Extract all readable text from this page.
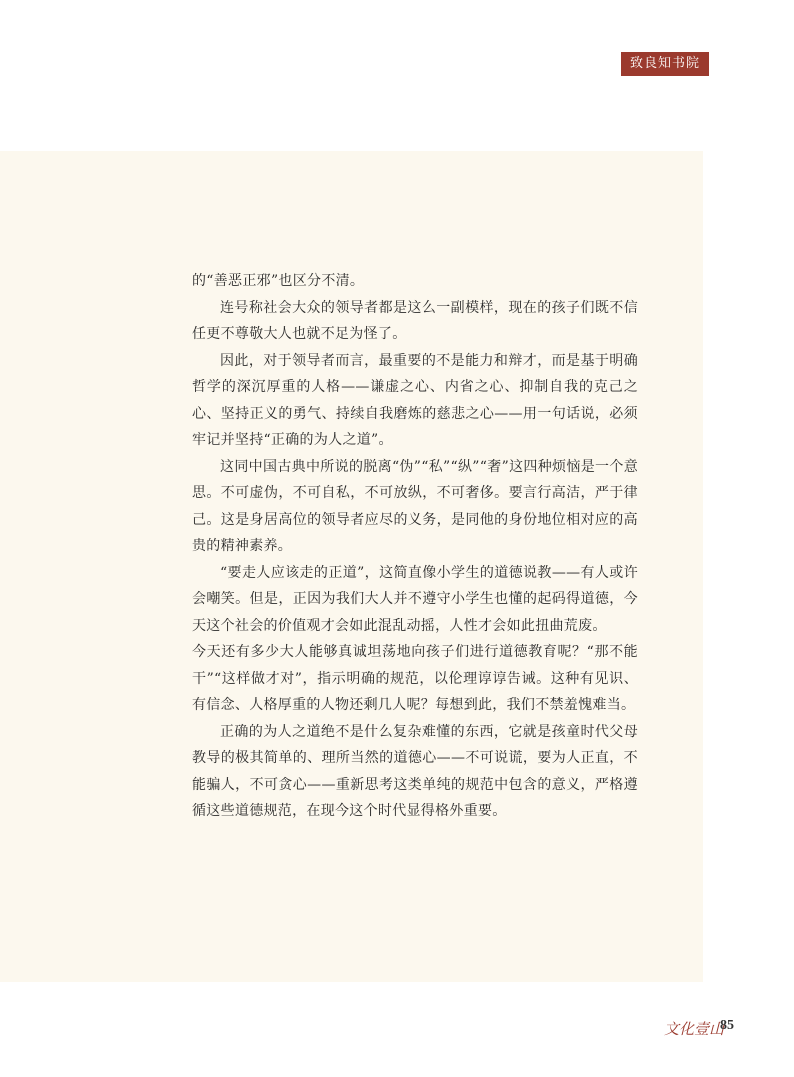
致良知书院

的“善恶正邪”也区分不清。

连号称社会大众的领导者都是这么一副模样，现在的孩子们既不信任更不尊敬大人也就不足为怪了。

因此，对于领导者而言，最重要的不是能力和辩才，而是基于明确哲学的深沉厚重的人格——谦虚之心、内省之心、抑制自我的克己之心、坚持正义的勇气、持续自我磨炼的慈悲之心——用一句话说，必须牢记并坚持“正确的为人之道”。

这同中国古典中所说的脱离“伪”“私”“纵”“奢”这四种烦恼是一个意思。不可虚伪，不可自私，不可放纵，不可奢侈。要言行高洁，严于律己。这是身居高位的领导者应尽的义务，是同他的身份地位相对应的高贵的精神素养。

“要走人应该走的正道”，这简直像小学生的道德说教——有人或许会嘲笑。但是，正因为我们大人并不遵守小学生也懂的起码得道德，今天这个社会的价值观才会如此混乱动摇，人性才会如此扭曲荒废。

今天还有多少大人能够真诚坦荡地向孩子们进行道德教育呢？“那不能干”“这样做才对”，指示明确的规范，以伦理谆谆告诫。这种有见识、有信念、人格厚重的人物还剩几人呢？每想到此，我们不禁羞愧难当。

正确的为人之道绝不是什么复杂难懂的东西，它就是孩童时代父母教导的极其简单的、理所当然的道德心——不可说谎，要为人正直，不能骗人，不可贪心——重新思考这类单纯的规范中包含的意义，严格遵循这些道德规范，在现今这个时代显得格外重要。

文化壹山
85
